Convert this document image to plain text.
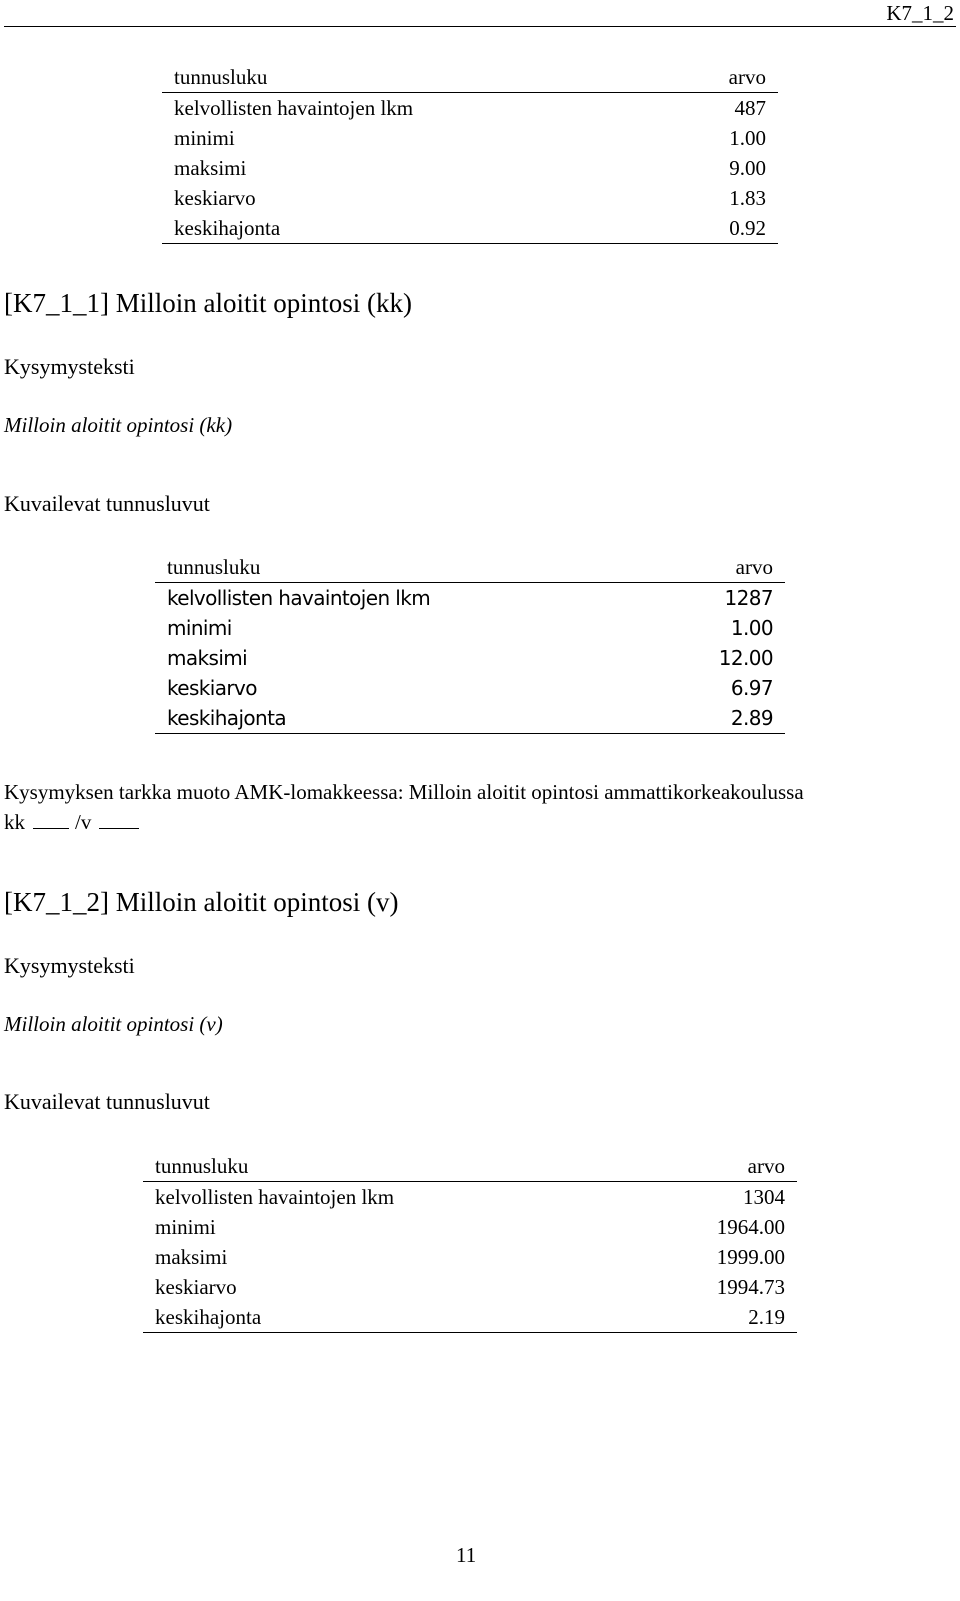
K7_1_2
tunnusluku	arvo
kelvollisten havaintojen lkm	487
minimi	1.00
maksimi	9.00
keskiarvo	1.83
keskihajonta	0.92
[K7_1_1] Milloin aloitit opintosi (kk)
Kysymysteksti
Milloin aloitit opintosi (kk)
Kuvailevat tunnusluvut
tunnusluku	arvo
kelvollisten havaintojen lkm	1287
minimi	1.00
maksimi	12.00
keskiarvo	6.97
keskihajonta	2.89
Kysymyksen tarkka muoto AMK-lomakkeessa: Milloin aloitit opintosi ammattikorkeakoulussa
kk /v
[K7_1_2] Milloin aloitit opintosi (v)
Kysymysteksti
Milloin aloitit opintosi (v)
Kuvailevat tunnusluvut
tunnusluku	arvo
kelvollisten havaintojen lkm	1304
minimi	1964.00
maksimi	1999.00
keskiarvo	1994.73
keskihajonta	2.19
11
